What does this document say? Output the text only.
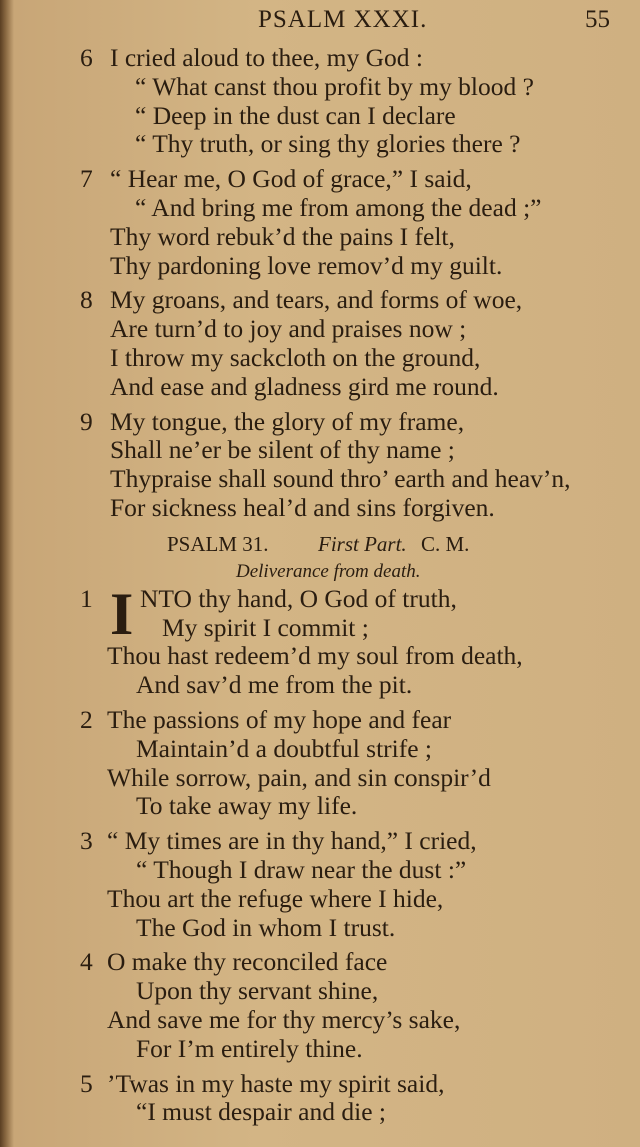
PSALM XXXI.	55
6 I cried aloud to thee, my God :
“ What canst thou profit by my blood ?
“ Deep in the dust can I declare
“ Thy truth, or sing thy glories there ?
7 “ Hear me, O God of grace,” I said,
“ And bring me from among the dead ;”
Thy word rebuk’d the pains I felt,
Thy pardoning love remov’d my guilt.
8 My groans, and tears, and forms of woe,
Are turn’d to joy and praises now ;
I throw my sackcloth on the ground,
And ease and gladness gird me round.
9 My tongue, the glory of my frame,
Shall ne’er be silent of thy name ;
Thypraise shall sound thro’ earth and heav’n,
For sickness heal’d and sins forgiven.
PSALM 31. First Part. C. M.
Deliverance from death.
I
1 NTO thy hand, O God of truth,
My spirit I commit ;
Thou hast redeem’d my soul from death,
And sav’d me from the pit.
2 The passions of my hope and fear
Maintain’d a doubtful strife ;
While sorrow, pain, and sin conspir’d
To take away my life.
3 “ My times are in thy hand,” I cried,
“ Though I draw near the dust :”
Thou art the refuge where I hide,
The God in whom I trust.
4 O make thy reconciled face
Upon thy servant shine,
And save me for thy mercy’s sake,
For I’m entirely thine.
5 ’Twas in my haste my spirit said,
“I must despair and die ;
